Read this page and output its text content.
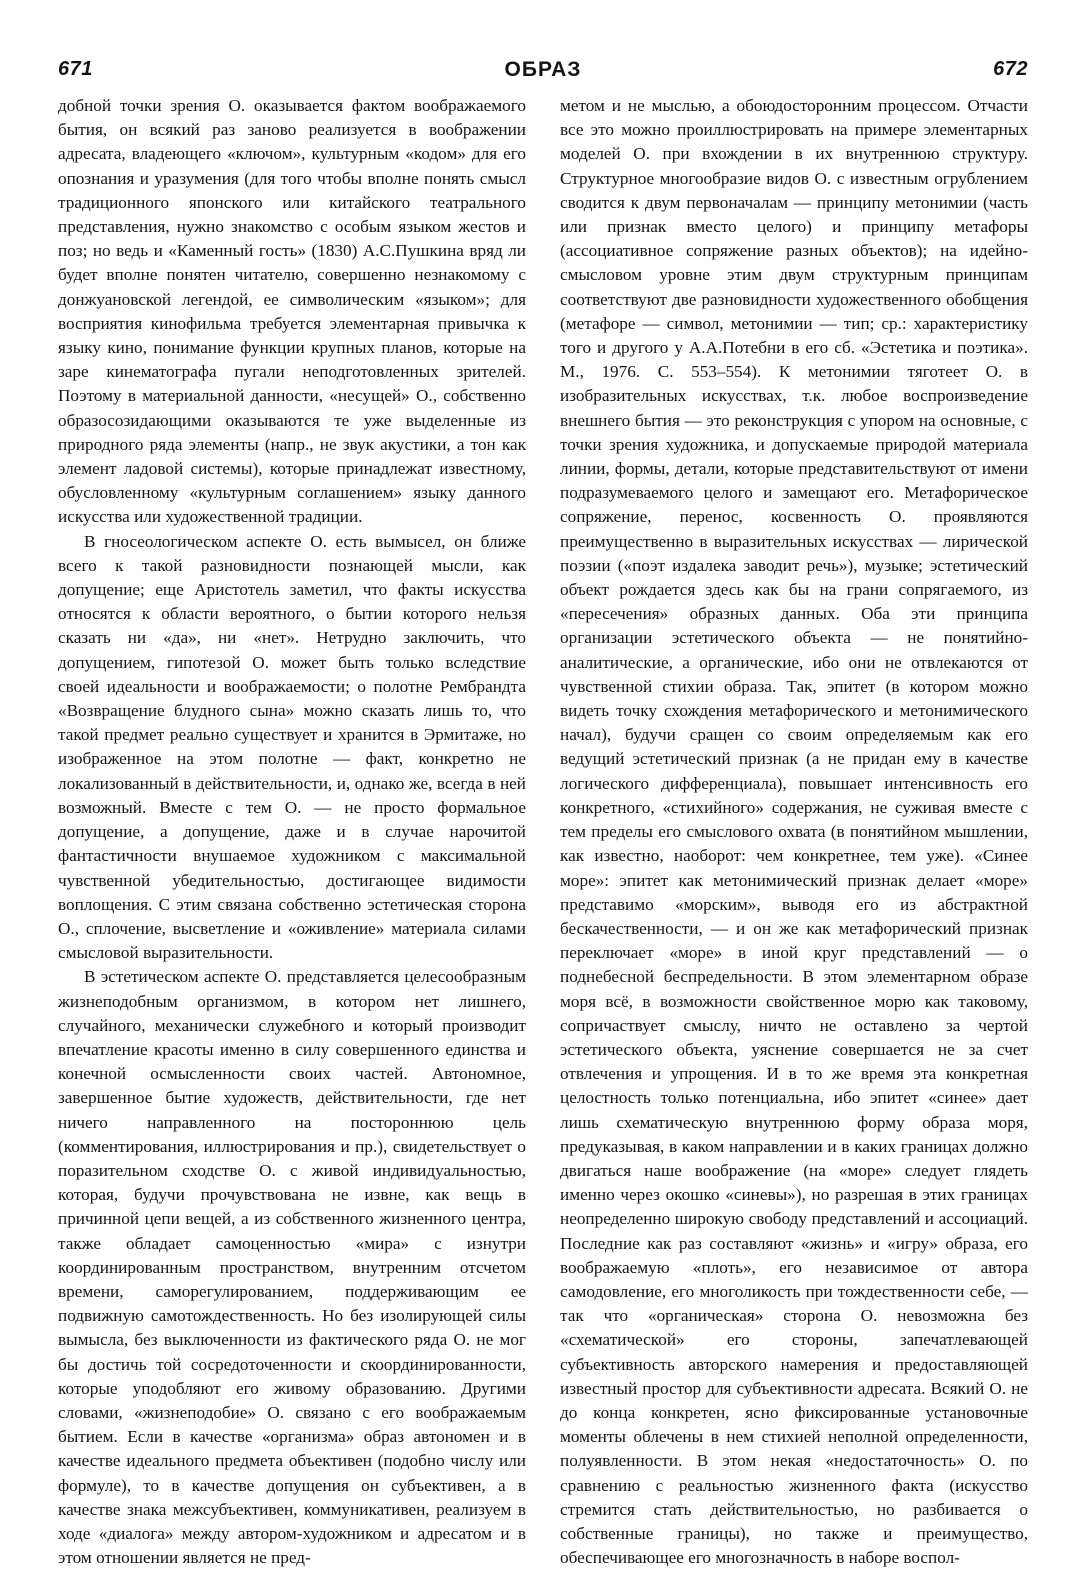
671	ОБРАЗ	672

добной точки зрения О. оказывается фактом воображаемого бытия, он всякий раз заново реализуется в воображении адресата, владеющего «ключом», культурным «кодом» для его опознания и уразумения (для того чтобы вполне понять смысл традиционного японского или китайского театрального представления, нужно знакомство с особым языком жестов и поз; но ведь и «Каменный гость» (1830) А.С.Пушкина вряд ли будет вполне понятен читателю, совершенно незнакомому с донжуановской легендой, ее символическим «языком»; для восприятия кинофильма требуется элементарная привычка к языку кино, понимание функции крупных планов, которые на заре кинематографа пугали неподготовленных зрителей. Поэтому в материальной данности, «несущей» О., собственно образосозидающими оказываются те уже выделенные из природного ряда элементы (напр., не звук акустики, а тон как элемент ладовой системы), которые принадлежат известному, обусловленному «культурным соглашением» языку данного искусства или художественной традиции.

В гносеологическом аспекте О. есть вымысел, он ближе всего к такой разновидности познающей мысли, как допущение; еще Аристотель заметил, что факты искусства относятся к области вероятного, о бытии которого нельзя сказать ни «да», ни «нет». Нетрудно заключить, что допущением, гипотезой О. может быть только вследствие своей идеальности и воображаемости; о полотне Рембрандта «Возвращение блудного сына» можно сказать лишь то, что такой предмет реально существует и хранится в Эрмитаже, но изображенное на этом полотне — факт, конкретно не локализованный в действительности, и, однако же, всегда в ней возможный. Вместе с тем О. — не просто формальное допущение, а допущение, даже и в случае нарочитой фантастичности внушаемое художником с максимальной чувственной убедительностью, достигающее видимости воплощения. С этим связана собственно эстетическая сторона О., сплочение, высветление и «оживление» материала силами смысловой выразительности.

В эстетическом аспекте О. представляется целесообразным жизнеподобным организмом, в котором нет лишнего, случайного, механически служебного и который производит впечатление красоты именно в силу совершенного единства и конечной осмысленности своих частей. Автономное, завершенное бытие художеств, действительности, где нет ничего направленного на постороннюю цель (комментирования, иллюстрирования и пр.), свидетельствует о поразительном сходстве О. с живой индивидуальностью, которая, будучи прочувствована не извне, как вещь в причинной цепи вещей, а из собственного жизненного центра, также обладает самоценностью «мира» с изнутри координированным пространством, внутренним отсчетом времени, саморегулированием, поддерживающим ее подвижную самотождественность. Но без изолирующей силы вымысла, без выключенности из фактического ряда О. не мог бы достичь той сосредоточенности и скоординированности, которые уподобляют его живому образованию. Другими словами, «жизнеподобие» О. связано с его воображаемым бытием. Если в качестве «организма» образ автономен и в качестве идеального предмета объективен (подобно числу или формуле), то в качестве допущения он субъективен, а в качестве знака межсубъективен, коммуникативен, реализуем в ходе «диалога» между автором-художником и адресатом и в этом отношении является не пред-

метом и не мыслью, а обоюдосторонним процессом. Отчасти все это можно проиллюстрировать на примере элементарных моделей О. при вхождении в их внутреннюю структуру. Структурное многообразие видов О. с известным огрублением сводится к двум первоначалам — принципу метонимии (часть или признак вместо целого) и принципу метафоры (ассоциативное сопряжение разных объектов); на идейно-смысловом уровне этим двум структурным принципам соответствуют две разновидности художественного обобщения (метафоре — символ, метонимии — тип; ср.: характеристику того и другого у А.А.Потебни в его сб. «Эстетика и поэтика». М., 1976. С. 553–554). К метонимии тяготеет О. в изобразительных искусствах, т.к. любое воспроизведение внешнего бытия — это реконструкция с упором на основные, с точки зрения художника, и допускаемые природой материала линии, формы, детали, которые представительствуют от имени подразумеваемого целого и замещают его. Метафорическое сопряжение, перенос, косвенность О. проявляются преимущественно в выразительных искусствах — лирической поэзии («поэт издалека заводит речь»), музыке; эстетический объект рождается здесь как бы на грани сопрягаемого, из «пересечения» образных данных. Оба эти принципа организации эстетического объекта — не понятийно-аналитические, а органические, ибо они не отвлекаются от чувственной стихии образа. Так, эпитет (в котором можно видеть точку схождения метафорического и метонимического начал), будучи сращен со своим определяемым как его ведущий эстетический признак (а не придан ему в качестве логического дифференциала), повышает интенсивность его конкретного, «стихийного» содержания, не суживая вместе с тем пределы его смыслового охвата (в понятийном мышлении, как известно, наоборот: чем конкретнее, тем уже). «Синее море»: эпитет как метонимический признак делает «море» представимо «морским», выводя его из абстрактной бескачественности, — и он же как метафорический признак переключает «море» в иной круг представлений — о поднебесной беспредельности. В этом элементарном образе моря всё, в возможности свойственное морю как таковому, сопричаствует смыслу, ничто не оставлено за чертой эстетического объекта, уяснение совершается не за счет отвлечения и упрощения. И в то же время эта конкретная целостность только потенциальна, ибо эпитет «синее» дает лишь схематическую внутреннюю форму образа моря, предуказывая, в каком направлении и в каких границах должно двигаться наше воображение (на «море» следует глядеть именно через окошко «синевы»), но разрешая в этих границах неопределенно широкую свободу представлений и ассоциаций. Последние как раз составляют «жизнь» и «игру» образа, его воображаемую «плоть», его независимое от автора самодовление, его многоликость при тождественности себе, — так что «органическая» сторона О. невозможна без «схематической» его стороны, запечатлевающей субъективность авторского намерения и предоставляющей известный простор для субъективности адресата. Всякий О. не до конца конкретен, ясно фиксированные установочные моменты облечены в нем стихией неполной определенности, полуявленности. В этом некая «недостаточность» О. по сравнению с реальностью жизненного факта (искусство стремится стать действительностью, но разбивается о собственные границы), но также и преимущество, обеспечивающее его многозначность в наборе воспол-
